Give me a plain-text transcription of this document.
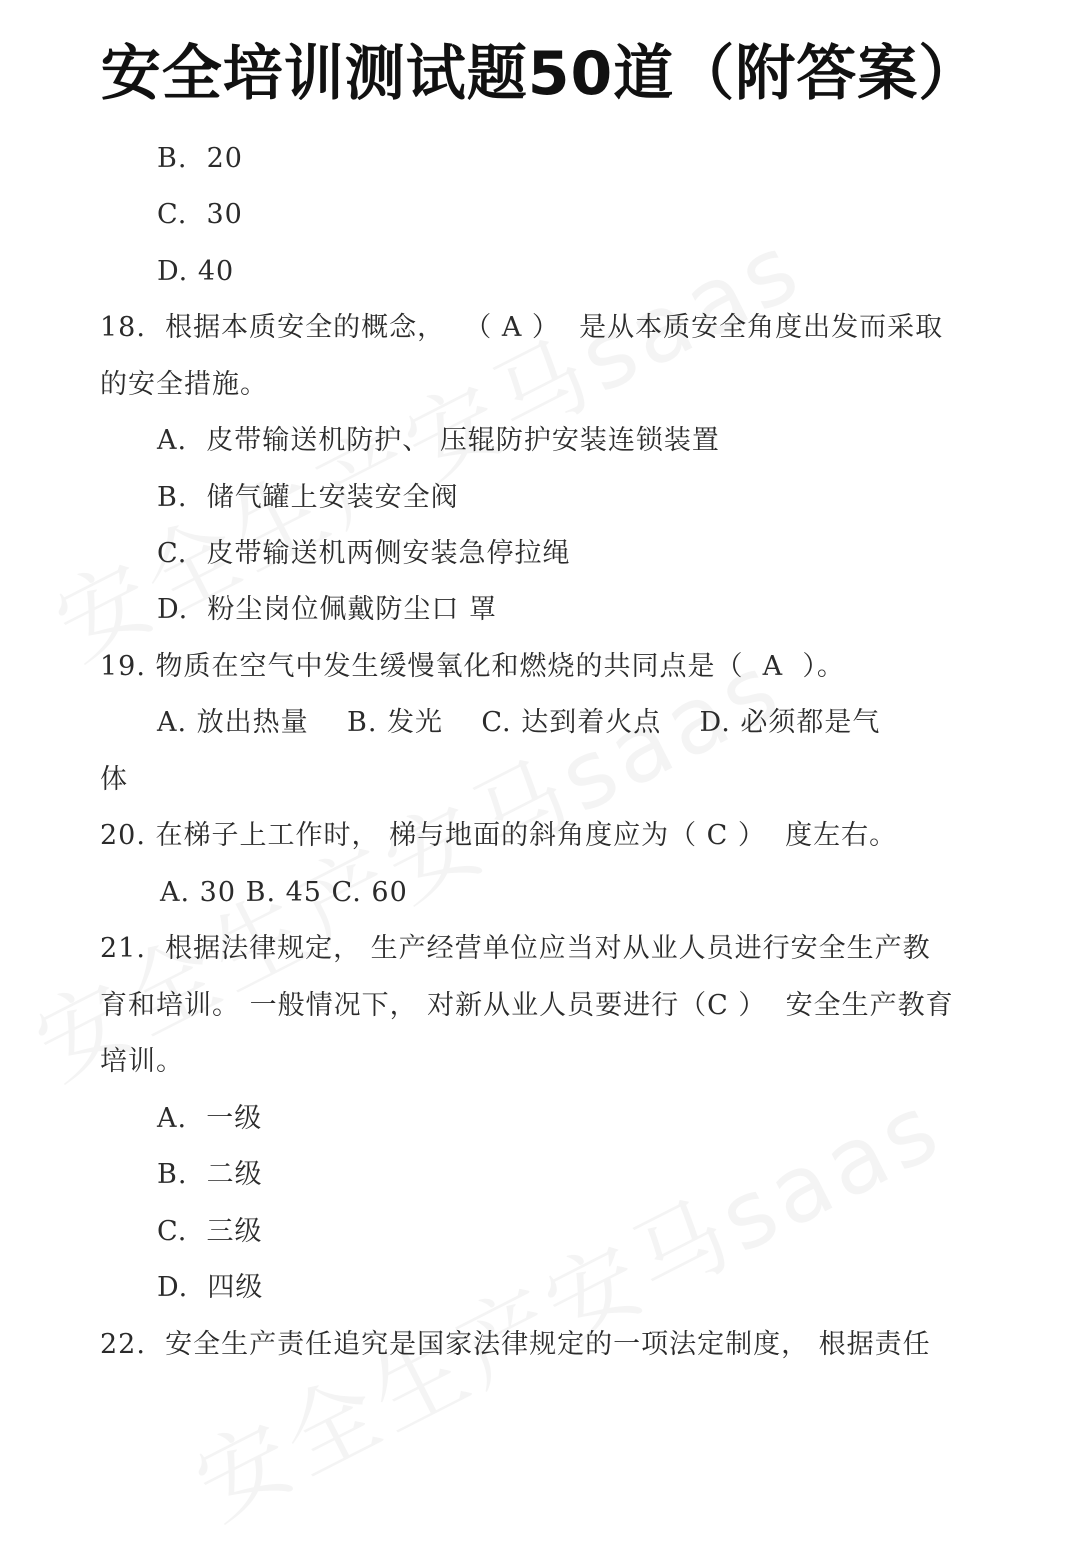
安全培训测试题50道（附答案）
B.  20
C.  30
D. 40
18.  根据本质安全的概念，  （ A ）  是从本质安全角度出发而采取
的安全措施。
A.  皮带输送机防护、 压辊防护安装连锁装置
B.  储气罐上安装安全阀
C.  皮带输送机两侧安装急停拉绳
D.  粉尘岗位佩戴防尘口 罩
19. 物质在空气中发生缓慢氧化和燃烧的共同点是（  A  ）。
A. 放出热量    B. 发光    C. 达到着火点    D. 必须都是气
体
20. 在梯子上工作时， 梯与地面的斜角度应为（ C ）  度左右。
A. 30 B. 45 C. 60
21.  根据法律规定， 生产经营单位应当对从业人员进行安全生产教
育和培训。 一般情况下， 对新从业人员要进行（C ）  安全生产教育
培训。
A.  一级
B.  二级
C.  三级
D.  四级
22.  安全生产责任追究是国家法律规定的一项法定制度， 根据责任
